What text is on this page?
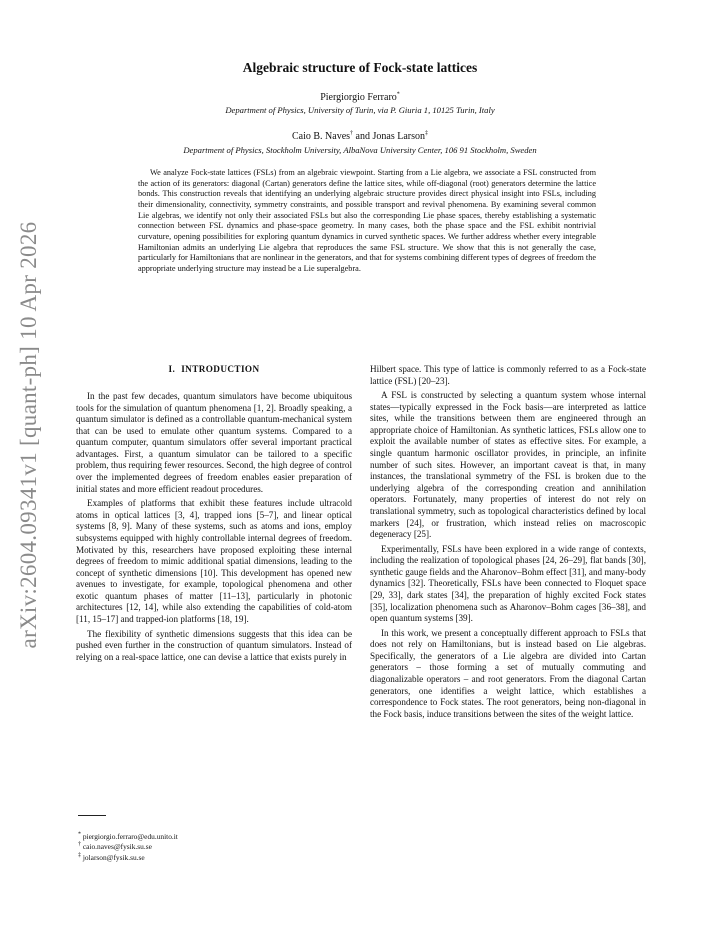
arXiv:2604.09341v1 [quant-ph] 10 Apr 2026
Algebraic structure of Fock-state lattices
Piergiorgio Ferraro*
Department of Physics, University of Turin, via P. Giuria 1, 10125 Turin, Italy
Caio B. Naves† and Jonas Larson‡
Department of Physics, Stockholm University, AlbaNova University Center, 106 91 Stockholm, Sweden

We analyze Fock-state lattices (FSLs) from an algebraic viewpoint. Starting from a Lie algebra, we associate a FSL constructed from the action of its generators: diagonal (Cartan) generators define the lattice sites, while off-diagonal (root) generators determine the lattice bonds. This construction reveals that identifying an underlying algebraic structure provides direct physical insight into FSLs, including their dimensionality, connectivity, symmetry constraints, and possible transport and revival phenomena. By examining several common Lie algebras, we identify not only their associated FSLs but also the corresponding Lie phase spaces, thereby establishing a systematic connection between FSL dynamics and phase-space geometry. In many cases, both the phase space and the FSL exhibit nontrivial curvature, opening possibilities for exploring quantum dynamics in curved synthetic spaces. We further address whether every integrable Hamiltonian admits an underlying Lie algebra that reproduces the same FSL structure. We show that this is not generally the case, particularly for Hamiltonians that are nonlinear in the generators, and that for systems combining different types of degrees of freedom the appropriate underlying structure may instead be a Lie superalgebra.

I. INTRODUCTION

In the past few decades, quantum simulators have become ubiquitous tools for the simulation of quantum phenomena [1, 2]. Broadly speaking, a quantum simulator is defined as a controllable quantum-mechanical system that can be used to emulate other quantum systems. Compared to a quantum computer, quantum simulators offer several important practical advantages. First, a quantum simulator can be tailored to a specific problem, thus requiring fewer resources. Second, the high degree of control over the implemented degrees of freedom enables easier preparation of initial states and more efficient readout procedures.

Examples of platforms that exhibit these features include ultracold atoms in optical lattices [3, 4], trapped ions [5–7], and linear optical systems [8, 9]. Many of these systems, such as atoms and ions, employ subsystems equipped with highly controllable internal degrees of freedom. Motivated by this, researchers have proposed exploiting these internal degrees of freedom to mimic additional spatial dimensions, leading to the concept of synthetic dimensions [10]. This development has opened new avenues to investigate, for example, topological phenomena and other exotic quantum phases of matter [11–13], particularly in photonic architectures [12, 14], while also extending the capabilities of cold-atom [11, 15–17] and trapped-ion platforms [18, 19].

The flexibility of synthetic dimensions suggests that this idea can be pushed even further in the construction of quantum simulators. Instead of relying on a real-space lattice, one can devise a lattice that exists purely in

Hilbert space. This type of lattice is commonly referred to as a Fock-state lattice (FSL) [20–23].

A FSL is constructed by selecting a quantum system whose internal states—typically expressed in the Fock basis—are interpreted as lattice sites, while the transitions between them are engineered through an appropriate choice of Hamiltonian. As synthetic lattices, FSLs allow one to exploit the available number of states as effective sites. For example, a single quantum harmonic oscillator provides, in principle, an infinite number of such sites. However, an important caveat is that, in many instances, the translational symmetry of the FSL is broken due to the underlying algebra of the corresponding creation and annihilation operators. Fortunately, many properties of interest do not rely on translational symmetry, such as topological characteristics defined by local markers [24], or frustration, which instead relies on macroscopic degeneracy [25].

Experimentally, FSLs have been explored in a wide range of contexts, including the realization of topological phases [24, 26–29], flat bands [30], synthetic gauge fields and the Aharonov–Bohm effect [31], and many-body dynamics [32]. Theoretically, FSLs have been connected to Floquet space [29, 33], dark states [34], the preparation of highly excited Fock states [35], localization phenomena such as Aharonov–Bohm cages [36–38], and open quantum systems [39].

In this work, we present a conceptually different approach to FSLs that does not rely on Hamiltonians, but is instead based on Lie algebras. Specifically, the generators of a Lie algebra are divided into Cartan generators – those forming a set of mutually commuting and diagonalizable operators – and root generators. From the diagonal Cartan generators, one identifies a weight lattice, which establishes a correspondence to Fock states. The root generators, being non-diagonal in the Fock basis, induce transitions between the sites of the weight lattice.

* piergiorgio.ferraro@edu.unito.it
† caio.naves@fysik.su.se
‡ jolarson@fysik.su.se
